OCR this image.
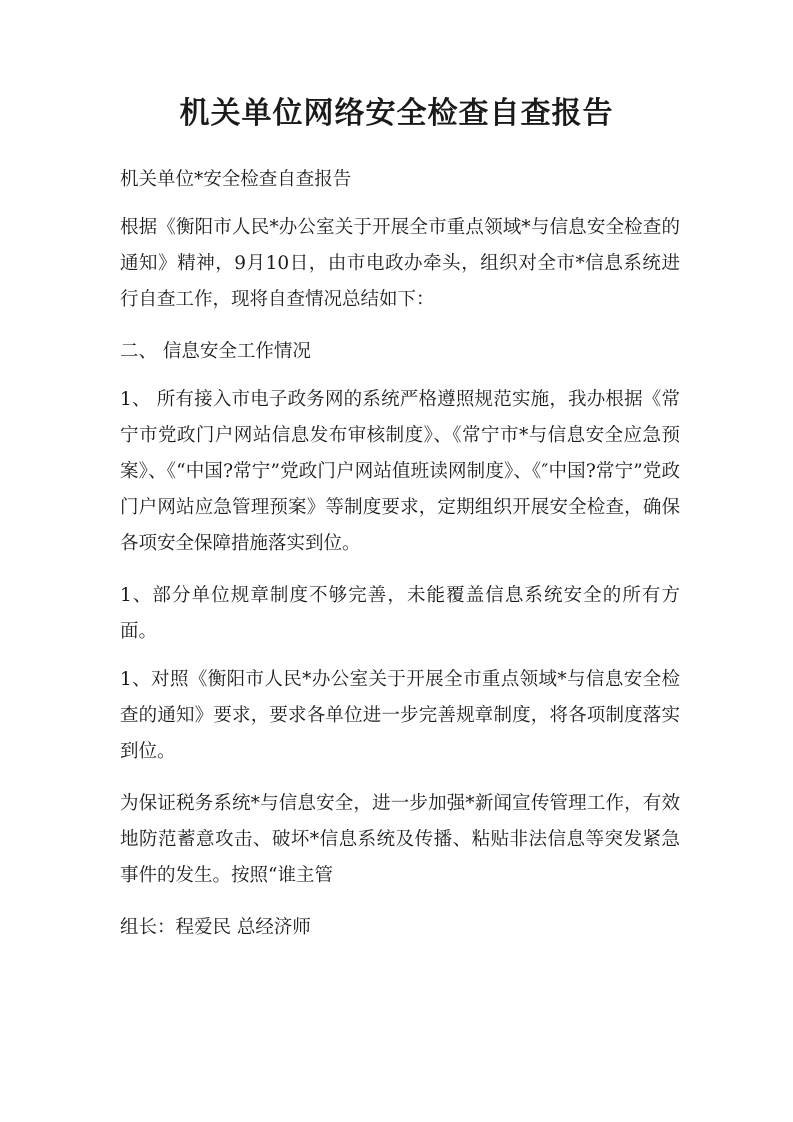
机关单位网络安全检查自查报告

机关单位*安全检查自查报告

根据《衡阳市人民*办公室关于开展全市重点领域*与信息安全检查的通知》精神，9月10日，由市电政办牵头，组织对全市*信息系统进行自查工作，现将自查情况总结如下：

二、 信息安全工作情况

1、 所有接入市电子政务网的系统严格遵照规范实施，我办根据《常宁市党政门户网站信息发布审核制度》、《常宁市*与信息安全应急预案》、《“中国?常宁”党政门户网站值班读网制度》、《″中国?常宁”党政门户网站应急管理预案》等制度要求，定期组织开展安全检查，确保各项安全保障措施落实到位。

1、部分单位规章制度不够完善，未能覆盖信息系统安全的所有方面。

1、对照《衡阳市人民*办公室关于开展全市重点领域*与信息安全检查的通知》要求，要求各单位进一步完善规章制度，将各项制度落实到位。

为保证税务系统*与信息安全，进一步加强*新闻宣传管理工作，有效地防范蓄意攻击、破坏*信息系统及传播、粘贴非法信息等突发紧急事件的发生。按照“谁主管

组长：程爱民 总经济师
